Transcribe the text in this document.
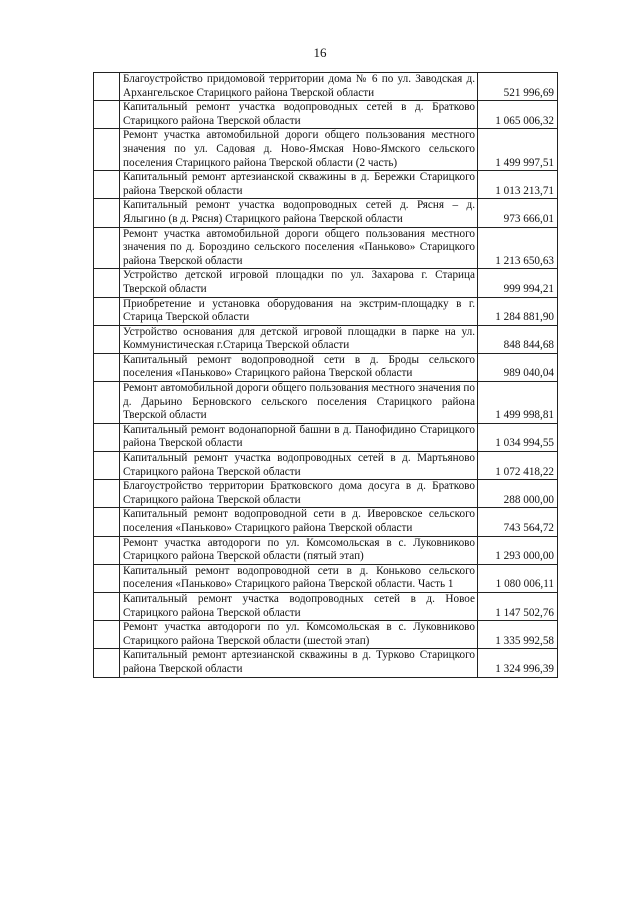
16
	Благоустройство придомовой территории дома № 6 по ул. Заводская д. Архангельское Старицкого района Тверской области	521 996,69
	Капитальный ремонт участка водопроводных сетей в д. Братково Старицкого района Тверской области	1 065 006,32
	Ремонт участка автомобильной дороги общего пользования местного значения по ул. Садовая д. Ново-Ямская Ново-Ямского сельского поселения Старицкого района Тверской области (2 часть)	1 499 997,51
	Капитальный ремонт артезианской скважины в д. Бережки Старицкого района Тверской области	1 013 213,71
	Капитальный ремонт участка водопроводных сетей д. Рясня – д. Ялыгино (в д. Рясня) Старицкого района Тверской области	973 666,01
	Ремонт участка автомобильной дороги общего пользования местного значения по д. Бороздино сельского поселения «Паньково» Старицкого района Тверской области	1 213 650,63
	Устройство детской игровой площадки по ул. Захарова г. Старица Тверской области	999 994,21
	Приобретение и установка оборудования на экстрим-площадку в г. Старица Тверской области	1 284 881,90
	Устройство основания для детской игровой площадки в парке на ул. Коммунистическая г.Старица Тверской области	848 844,68
	Капитальный ремонт водопроводной сети в д. Броды сельского поселения «Паньково» Старицкого района Тверской области	989 040,04
	Ремонт автомобильной дороги общего пользования местного значения по д. Дарьино Берновского сельского поселения Старицкого района Тверской области	1 499 998,81
	Капитальный ремонт водонапорной башни в д. Панофидино Старицкого района Тверской области	1 034 994,55
	Капитальный ремонт участка водопроводных сетей в д. Мартьяново Старицкого района Тверской области	1 072 418,22
	Благоустройство территории Братковского дома досуга в д. Братково Старицкого района Тверской области	288 000,00
	Капитальный ремонт водопроводной сети в д. Иверовское сельского поселения «Паньково» Старицкого района Тверской области	743 564,72
	Ремонт участка автодороги по ул. Комсомольская в с. Луковниково Старицкого района Тверской области (пятый этап)	1 293 000,00
	Капитальный ремонт водопроводной сети в д. Коньково сельского поселения «Паньково» Старицкого района Тверской области. Часть 1	1 080 006,11
	Капитальный ремонт участка водопроводных сетей в д. Новое Старицкого района Тверской области	1 147 502,76
	Ремонт участка автодороги по ул. Комсомольская в с. Луковниково Старицкого района Тверской области (шестой этап)	1 335 992,58
	Капитальный ремонт артезианской скважины в д. Турково Старицкого района Тверской области	1 324 996,39
